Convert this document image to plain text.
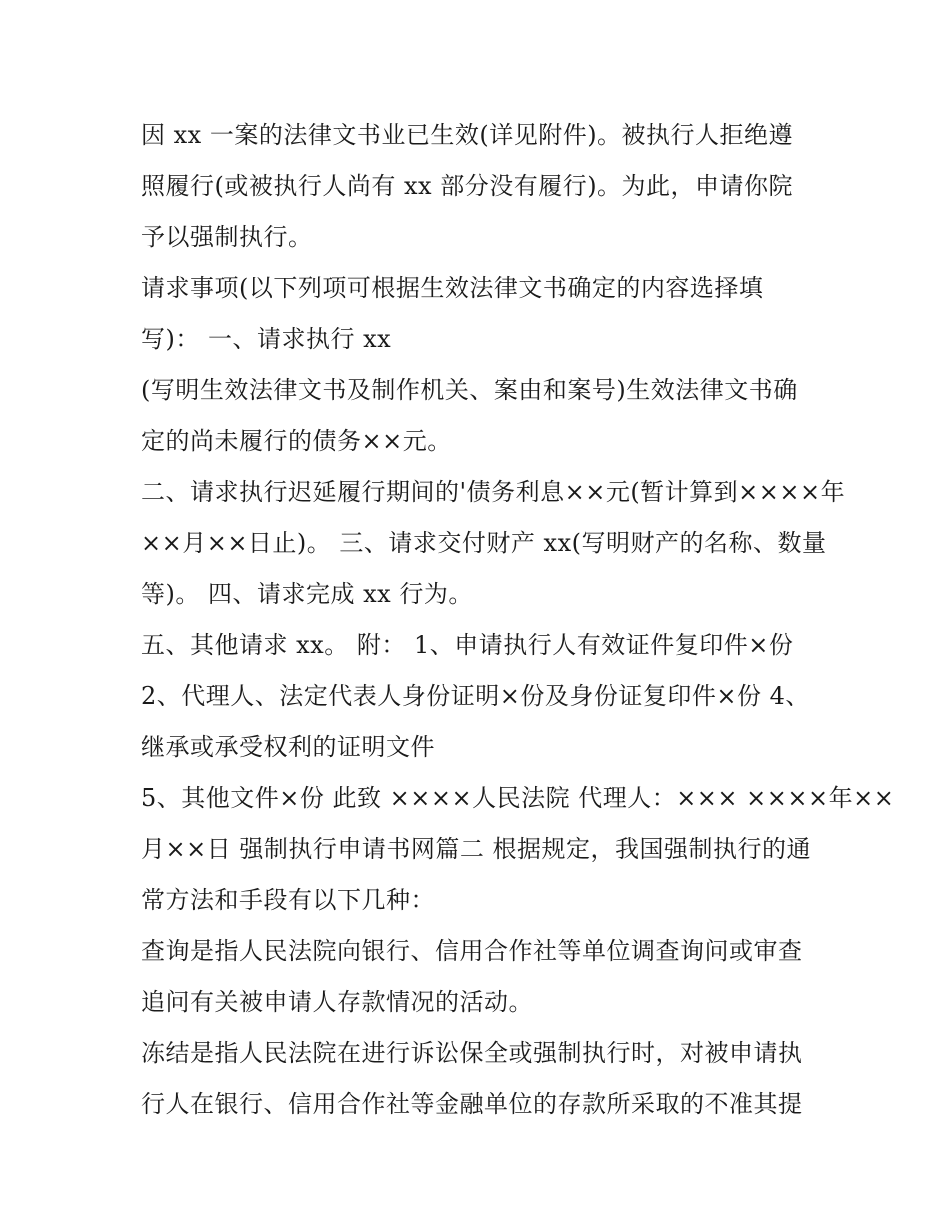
因 xx 一案的法律文书业已生效(详见附件)。被执行人拒绝遵
照履行(或被执行人尚有 xx 部分没有履行)。为此，申请你院
予以强制执行。
请求事项(以下列项可根据生效法律文书确定的内容选择填
写)： 一、请求执行 xx
(写明生效法律文书及制作机关、案由和案号)生效法律文书确
定的尚未履行的债务××元。
二、请求执行迟延履行期间的'债务利息××元(暂计算到××××年
××月××日止)。 三、请求交付财产 xx(写明财产的名称、数量
等)。 四、请求完成 xx 行为。
五、其他请求 xx。 附： 1、申请执行人有效证件复印件×份
2、代理人、法定代表人身份证明×份及身份证复印件×份 4、
继承或承受权利的证明文件
5、其他文件×份 此致 ××××人民法院 代理人：××× ××××年××
月××日 强制执行申请书网篇二 根据规定，我国强制执行的通
常方法和手段有以下几种：
查询是指人民法院向银行、信用合作社等单位调查询问或审查
追问有关被申请人存款情况的活动。
冻结是指人民法院在进行诉讼保全或强制执行时，对被申请执
行人在银行、信用合作社等金融单位的存款所采取的不准其提
